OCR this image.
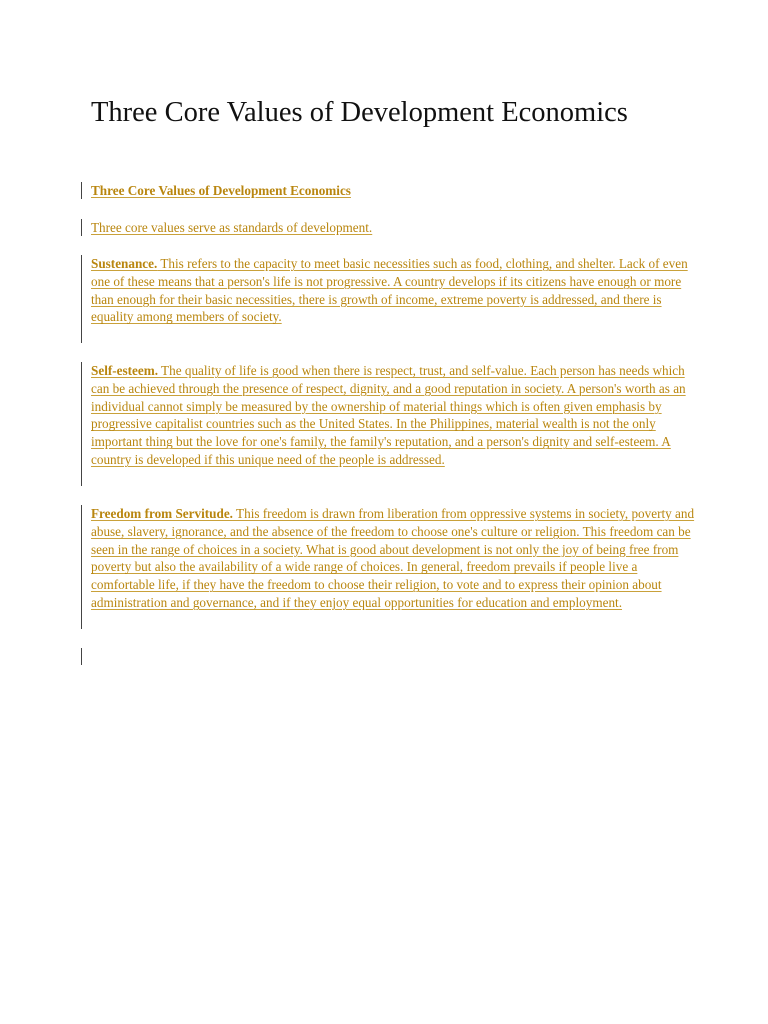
Three Core Values of Development Economics

Three Core Values of Development Economics

Three core values serve as standards of development.

Sustenance. This refers to the capacity to meet basic necessities such as food, clothing, and shelter. Lack of even one of these means that a person's life is not progressive. A country develops if its citizens have enough or more than enough for their basic necessities, there is growth of income, extreme poverty is addressed, and there is equality among members of society.

Self-esteem. The quality of life is good when there is respect, trust, and self-value. Each person has needs which can be achieved through the presence of respect, dignity, and a good reputation in society. A person's worth as an individual cannot simply be measured by the ownership of material things which is often given emphasis by progressive capitalist countries such as the United States. In the Philippines, material wealth is not the only important thing but the love for one's family, the family's reputation, and a person's dignity and self-esteem. A country is developed if this unique need of the people is addressed.

Freedom from Servitude. This freedom is drawn from liberation from oppressive systems in society, poverty and abuse, slavery, ignorance, and the absence of the freedom to choose one's culture or religion. This freedom can be seen in the range of choices in a society. What is good about development is not only the joy of being free from poverty but also the availability of a wide range of choices. In general, freedom prevails if people live a comfortable life, if they have the freedom to choose their religion, to vote and to express their opinion about administration and governance, and if they enjoy equal opportunities for education and employment.
